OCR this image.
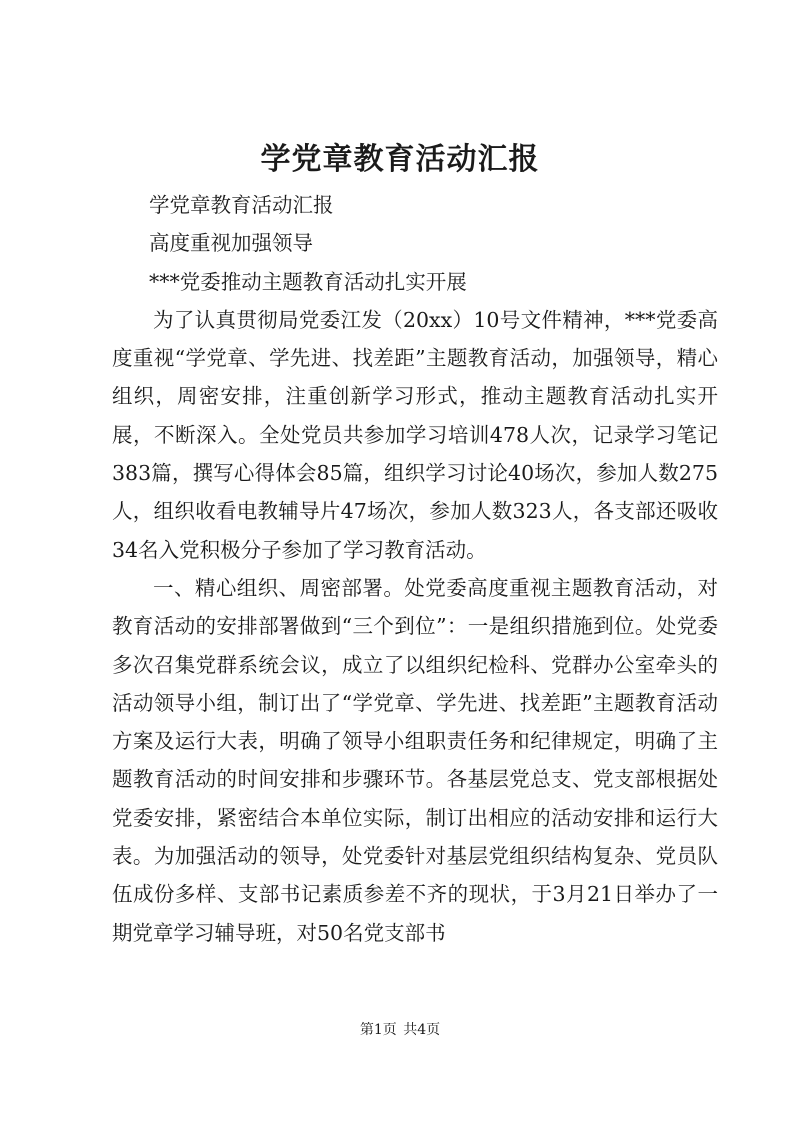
学党章教育活动汇报

学党章教育活动汇报

高度重视加强领导

***党委推动主题教育活动扎实开展

为了认真贯彻局党委江发（20xx）10号文件精神，***党委高度重视“学党章、学先进、找差距”主题教育活动，加强领导，精心组织，周密安排，注重创新学习形式，推动主题教育活动扎实开展，不断深入。全处党员共参加学习培训478人次，记录学习笔记383篇，撰写心得体会85篇，组织学习讨论40场次，参加人数275人，组织收看电教辅导片47场次，参加人数323人，各支部还吸收34名入党积极分子参加了学习教育活动。

一、精心组织、周密部署。处党委高度重视主题教育活动，对教育活动的安排部署做到“三个到位”：一是组织措施到位。处党委多次召集党群系统会议，成立了以组织纪检科、党群办公室牵头的活动领导小组，制订出了“学党章、学先进、找差距”主题教育活动方案及运行大表，明确了领导小组职责任务和纪律规定，明确了主题教育活动的时间安排和步骤环节。各基层党总支、党支部根据处党委安排，紧密结合本单位实际，制订出相应的活动安排和运行大表。为加强活动的领导，处党委针对基层党组织结构复杂、党员队伍成份多样、支部书记素质参差不齐的现状，于3月21日举办了一期党章学习辅导班，对50名党支部书

第1页 共4页
